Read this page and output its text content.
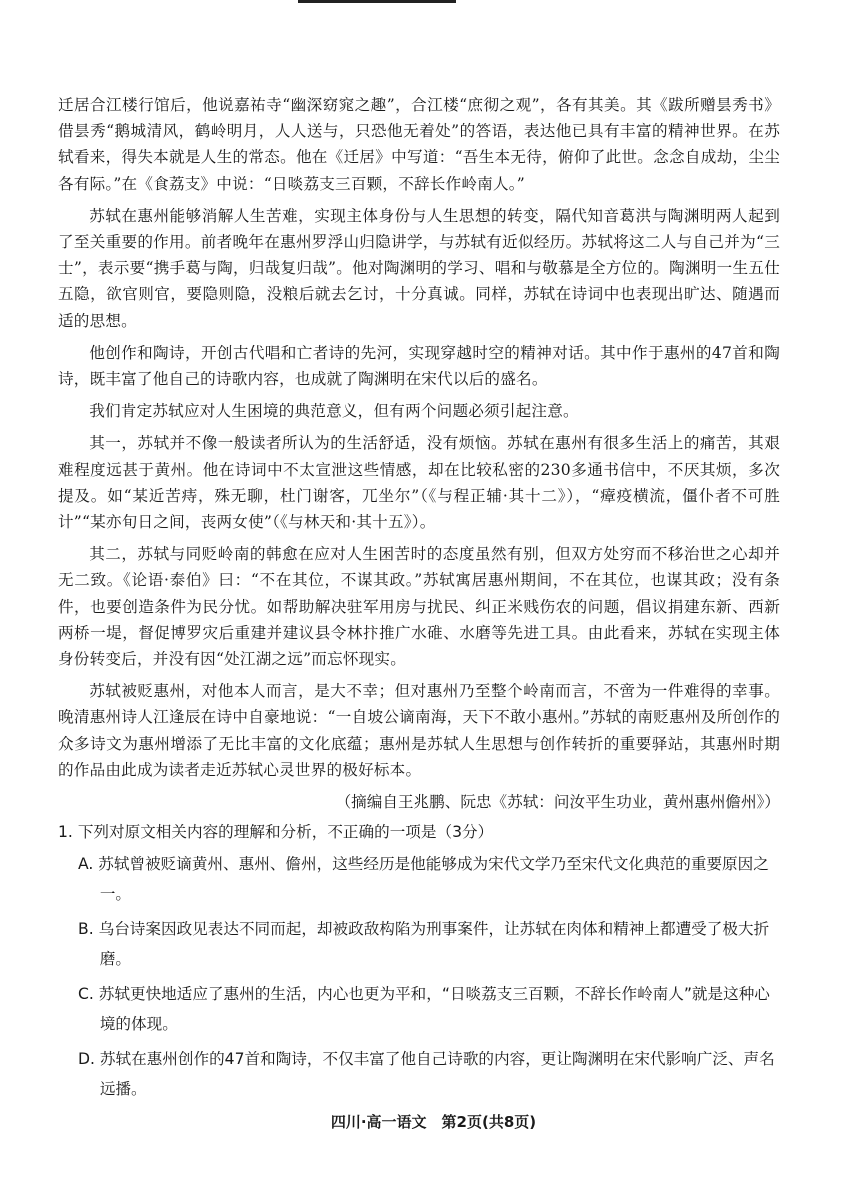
迁居合江楼行馆后，他说嘉祐寺“幽深窈窕之趣”，合江楼“庶彻之观”，各有其美。其《跋所赠昙秀书》借昙秀“鹅城清风，鹤岭明月，人人送与，只恐他无着处”的答语，表达他已具有丰富的精神世界。在苏轼看来，得失本就是人生的常态。他在《迁居》中写道：“吾生本无待，俯仰了此世。念念自成劫，尘尘各有际。”在《食荔支》中说：“日啖荔支三百颗，不辞长作岭南人。”

苏轼在惠州能够消解人生苦难，实现主体身份与人生思想的转变，隔代知音葛洪与陶渊明两人起到了至关重要的作用。前者晚年在惠州罗浮山归隐讲学，与苏轼有近似经历。苏轼将这二人与自己并为“三士”，表示要“携手葛与陶，归哉复归哉”。他对陶渊明的学习、唱和与敬慕是全方位的。陶渊明一生五仕五隐，欲官则官，要隐则隐，没粮后就去乞讨，十分真诚。同样，苏轼在诗词中也表现出旷达、随遇而适的思想。

他创作和陶诗，开创古代唱和亡者诗的先河，实现穿越时空的精神对话。其中作于惠州的47首和陶诗，既丰富了他自己的诗歌内容，也成就了陶渊明在宋代以后的盛名。

我们肯定苏轼应对人生困境的典范意义，但有两个问题必须引起注意。

其一，苏轼并不像一般读者所认为的生活舒适，没有烦恼。苏轼在惠州有很多生活上的痛苦，其艰难程度远甚于黄州。他在诗词中不太宣泄这些情感，却在比较私密的230多通书信中，不厌其烦，多次提及。如“某近苦痔，殊无聊，杜门谢客，兀坐尔”（《与程正辅·其十二》），“瘴疫横流，僵仆者不可胜计”“某亦旬日之间，丧两女使”（《与林天和·其十五》）。

其二，苏轼与同贬岭南的韩愈在应对人生困苦时的态度虽然有别，但双方处穷而不移治世之心却并无二致。《论语·泰伯》曰：“不在其位，不谋其政。”苏轼寓居惠州期间，不在其位，也谋其政；没有条件，也要创造条件为民分忧。如帮助解决驻军用房与扰民、纠正米贱伤农的问题，倡议捐建东新、西新两桥一堤，督促博罗灾后重建并建议县令林抃推广水碓、水磨等先进工具。由此看来，苏轼在实现主体身份转变后，并没有因“处江湖之远”而忘怀现实。

苏轼被贬惠州，对他本人而言，是大不幸；但对惠州乃至整个岭南而言，不啻为一件难得的幸事。晚清惠州诗人江逢辰在诗中自豪地说：“一自坡公谪南海，天下不敢小惠州。”苏轼的南贬惠州及所创作的众多诗文为惠州增添了无比丰富的文化底蕴；惠州是苏轼人生思想与创作转折的重要驿站，其惠州时期的作品由此成为读者走近苏轼心灵世界的极好标本。

（摘编自王兆鹏、阮忠《苏轼：问汝平生功业，黄州惠州儋州》）

1. 下列对原文相关内容的理解和分析，不正确的一项是（3分）

A. 苏轼曾被贬谪黄州、惠州、儋州，这些经历是他能够成为宋代文学乃至宋代文化典范的重要原因之一。

B. 乌台诗案因政见表达不同而起，却被政敌构陷为刑事案件，让苏轼在肉体和精神上都遭受了极大折磨。

C. 苏轼更快地适应了惠州的生活，内心也更为平和，“日啖荔支三百颗，不辞长作岭南人”就是这种心境的体现。

D. 苏轼在惠州创作的47首和陶诗，不仅丰富了他自己诗歌的内容，更让陶渊明在宋代影响广泛、声名远播。

四川·高一语文　第2页(共8页)
